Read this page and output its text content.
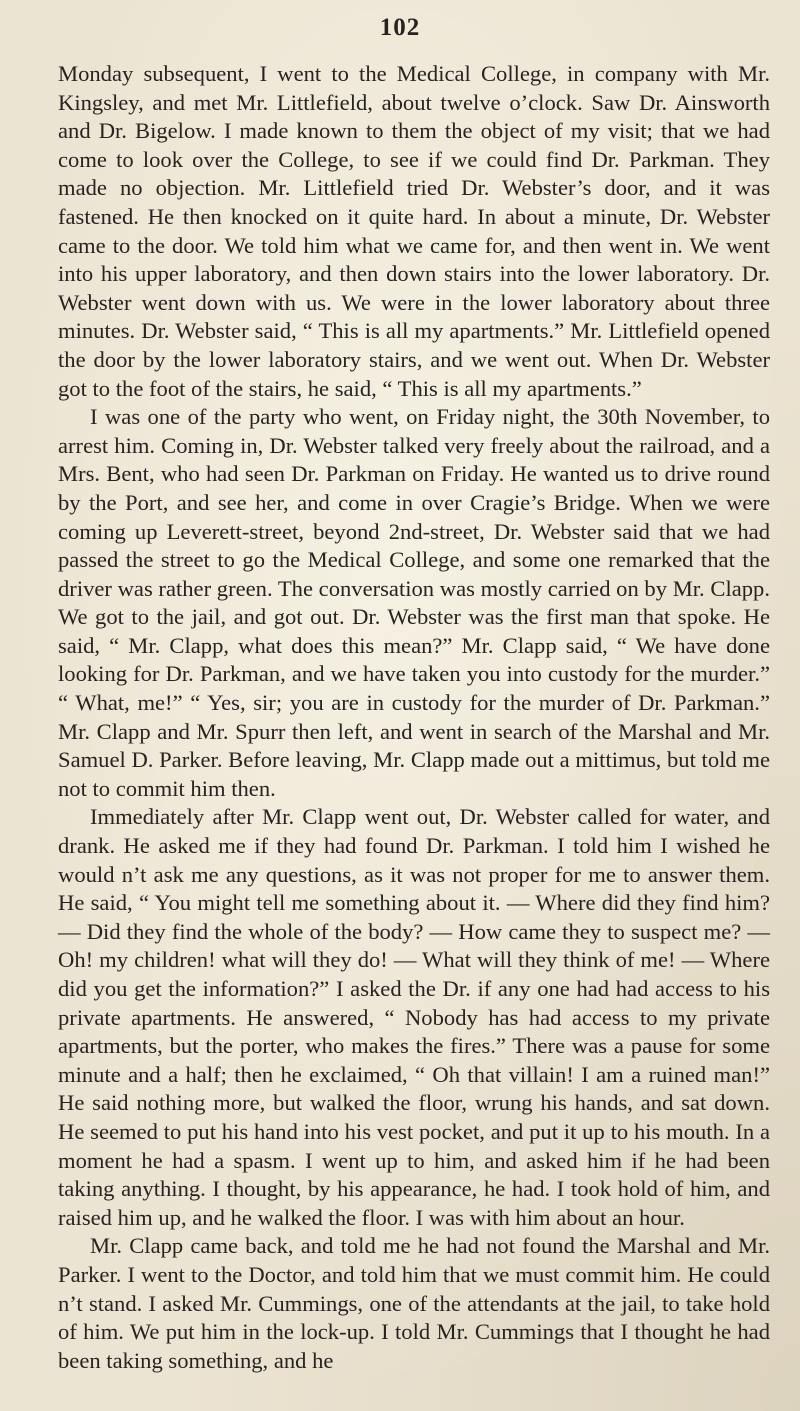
102

Monday subsequent, I went to the Medical College, in company with Mr. Kingsley, and met Mr. Littlefield, about twelve o’clock. Saw Dr. Ainsworth and Dr. Bigelow. I made known to them the object of my visit; that we had come to look over the College, to see if we could find Dr. Parkman. They made no objection. Mr. Littlefield tried Dr. Webster’s door, and it was fastened. He then knocked on it quite hard. In about a minute, Dr. Webster came to the door. We told him what we came for, and then went in. We went into his upper laboratory, and then down stairs into the lower laboratory. Dr. Webster went down with us. We were in the lower laboratory about three minutes. Dr. Webster said, “ This is all my apartments.” Mr. Littlefield opened the door by the lower laboratory stairs, and we went out. When Dr. Webster got to the foot of the stairs, he said, “ This is all my apartments.”

I was one of the party who went, on Friday night, the 30th November, to arrest him. Coming in, Dr. Webster talked very freely about the railroad, and a Mrs. Bent, who had seen Dr. Parkman on Friday. He wanted us to drive round by the Port, and see her, and come in over Cragie’s Bridge. When we were coming up Leverett-street, beyond 2nd-street, Dr. Webster said that we had passed the street to go the Medical College, and some one remarked that the driver was rather green. The conversation was mostly carried on by Mr. Clapp. We got to the jail, and got out. Dr. Webster was the first man that spoke. He said, “ Mr. Clapp, what does this mean?” Mr. Clapp said, “ We have done looking for Dr. Parkman, and we have taken you into custody for the murder.” “ What, me!” “ Yes, sir; you are in custody for the murder of Dr. Parkman.” Mr. Clapp and Mr. Spurr then left, and went in search of the Marshal and Mr. Samuel D. Parker. Before leaving, Mr. Clapp made out a mittimus, but told me not to commit him then.

Immediately after Mr. Clapp went out, Dr. Webster called for water, and drank. He asked me if they had found Dr. Parkman. I told him I wished he would n’t ask me any questions, as it was not proper for me to answer them. He said, “ You might tell me something about it. — Where did they find him? — Did they find the whole of the body? — How came they to suspect me? — Oh! my children! what will they do! — What will they think of me! — Where did you get the information?” I asked the Dr. if any one had had access to his private apartments. He answered, “ Nobody has had access to my private apartments, but the porter, who makes the fires.” There was a pause for some minute and a half; then he exclaimed, “ Oh that villain! I am a ruined man!” He said nothing more, but walked the floor, wrung his hands, and sat down. He seemed to put his hand into his vest pocket, and put it up to his mouth. In a moment he had a spasm. I went up to him, and asked him if he had been taking anything. I thought, by his appearance, he had. I took hold of him, and raised him up, and he walked the floor. I was with him about an hour.

Mr. Clapp came back, and told me he had not found the Marshal and Mr. Parker. I went to the Doctor, and told him that we must commit him. He could n’t stand. I asked Mr. Cummings, one of the attendants at the jail, to take hold of him. We put him in the lock-up. I told Mr. Cummings that I thought he had been taking something, and he
